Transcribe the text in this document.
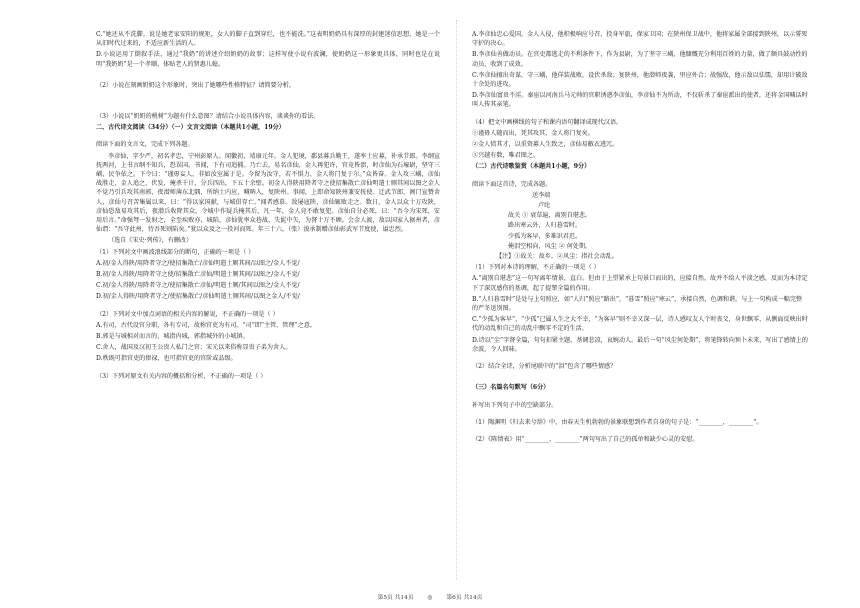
C.“她还从不洗脚。说是她老家安阳的规矩，女人的脚子直到穿烂，也不能洗。”这表明奶奶具有深厚的封建迷信思想，她是一个从旧时代过来的，不适应新生活的人。

D.小说运用了倒叙手法，通过“我奶”的讲述介绍奶奶的故事；这样写使小说有波澜，使奶奶这一形象更具体，同时也是在说明“我奶奶”是一个孝顺、体贴老人的贤惠儿媳。

（2）小说在刻画奶奶这个形象时，突出了她哪些性格特征？请简要分析。

（3）小说以“奶奶的桃树”为题有什么意图？请结合小说具体内容，谈谈你的看法。

二、古代诗文阅读（34分）（一）文言文阅读（本题共1小题，19分）

阅读下面的文言文，完成下列各题。

李彦仙，字少严，初名孝忠，宁州彭原人。闻徽初，靖康元年，金人犯境，郡县募兵勤王，遂率士应募，补承节郎。李纲宣抚两河，上书言纲不知兵，恐误国。书闻，下有司追捕。乃亡去，易名彦仙，金人再犯许，官竟皆溃，时彦仙为石壕尉，坚守三嵎，民争依之。下令曰：“谨毋妄人，非如汝室属于是。今留为汝守，若不惧力，金人将门复于尔。”众皆奋。金人攻三嵎，彦仙战胜走，金人追之，伏发，掩杀千计，分兵四出，下五十余壁。初金人得陕用降者守之使招集散亡彦仙明遣士厕其间以图之金人不觉乃引兵攻其南郭，夜潜师薄东北隅，所纳士内应，喊呐入，复陕州。事闻，上即命知陕州兼安抚使。迁武节郎，阁门宣赞舍人，彦仙号召苦集属以来，曰：“得以家国献，与城俱存亡。”闻者感慕。敌屡寇陕，彦仙辄败走之。数日，金人以众十万攻陕，彦仙恐敌易攻其后，夜潜兵收降其众，令城中作疑兵掩其后，凡一年，金人竟不敢复犯。彦仙自分必死，曰：“吾今为宋死，安用后言。”命强弩一发射之，全至疾败亦，城陷，彦仙犹率众巷战，失髭中矢，为督十万不顾。会金人渡，敌以国家入据州者，彦仙谓：“吾守此州，待吾死则陷矣。”犹以众及之一投河而死。年三十六。（张）浚承制赠彦仙彰武军节度使，谥忠烈。

（选自《宋史·列传》，有删改）

（1）下列对文中画波浪线部分的断句，正确的一项是（ ）

A.初/金人得陕/用降者守之/使招集散亡/彦仙明遣士厕其间/以图之/金人不觉/
B.初/金人得陕/用降者守之使/招集散亡彦仙/明遣士厕其间/以图之/金人不觉/
C.初/金人得陕/用降者守之/使招集散亡彦仙/明遣士厕/其间以图之/金人不觉/
D.初/金人得陕/用降者守之/使招集散亡/彦仙明遣士厕其间/以图之金人/不觉/

（2）下列对文中加点词语的相关内容的解说，不正确的一项是（ ）

A.有司，古代设官分职，各有专司，故称官吏为有司。“司”即“主管、管理”之意。
B.郭是与城相对而言的，城指内城，郭指城外的小城镇。
C.舍人，战国及汉初王公贵人私门之官；宋元以来俗称显贵子弟为舍人。
D.秩既可指官吏的俸禄，也可指官吏的官阶或品级。

（3）下列对原文有关内容的概括和分析，不正确的一项是（ ）

A.李彦仙忠心爱国，金人入侵，他积极响应号召，投身军旅，保家卫国；在陕州保卫战中，他将家属全部接到陕州，以示誓死守护的决心。
B.李彦仙善做动员。在官吏都逃走的不利条件下，作为县尉，为了坚守三嵎，他慷慨充分利用百姓的力量，做了颇具鼓动性的动员，收到了成效。
C.李彦仙擅出奇谋，守三嵎，他佯装战败，设伏杀敌；复陕州，他潜师夜袭，里应外合；战强敌，他示敌以怯懦，却用计破敌十余处的进攻。
D.李彦仙富贵不淫。秦宦以河南兵马元帅的官职诱惑李彦仙，李彦仙不为所动，不仅斩杀了秦宦派出的使者，还将金国喊话时叫人传其亲笔。

（4）把文中画横线的句子和课内语句翻译成现代汉语。

①谨毋人随而出，凭其攻其，金人将门复矣。
②金人愤其才，以重资募人生致之，彦仙易敝衣逃冗。
③兴越有数，唯君图之。

（二）古代诗歌鉴赏（本题共1小题，9分）

阅读下面这首诗，完成各题。

送李端
卢纶
故关 ① 衰草遍，离别自堪悲。
路出寒云外，人归暮雪时。
少孤为客早，多难识君迟。
掩泪空相向，风尘 ② 何处期。

【注】①故关：故乡。②风尘：指社会动乱。

（1）下列对本诗的理解，不正确的一项是（ ）

A.“离别自堪悲”这一句写离年情景，直白。但由于上望紧承上句景口而出的，应接自然，故并不给人平淡之感，反而为本诗定下了深沉感伤的基调，起了提挈全篇的作用。
B.“人归暮雪时”是处与上句照应，如“人归”照应“路出”，“暮雪”照应“寒云”，承接自然，色调和谐，与上一句构成一幅完整的严冬送别图。
C.“少孤为客早”，“少孤”已属人生之大不幸，“为客早”则不幸又深一层，诗人感叹友人个时丧父，身世飘零，从侧面反映出时代的动乱和自己的动乱中飘零不定的生活。
D.诗以“尘”字督全篇，句句扣紧主题，基调悲凉，哀婉动人。最后一句“风尘何处期”，将笔锋转向预卜未来，写出了感情上的余波，令人回味。

（2）结合全诗，分析尾联中的“泪”包含了哪些情感？

（三）名篇名句默写（6分）

补写出下列句子中的空缺部分。

（1）陶渊明《归去来兮辞》中，由春天生机勃勃的景象联想到作者自身的句子是：“________，________”。

（2）《陈情表》用“________，________”两句写出了自己的孤单和缺少心灵的安慰。

第5页 共14页 ◎ 第6页 共14页
